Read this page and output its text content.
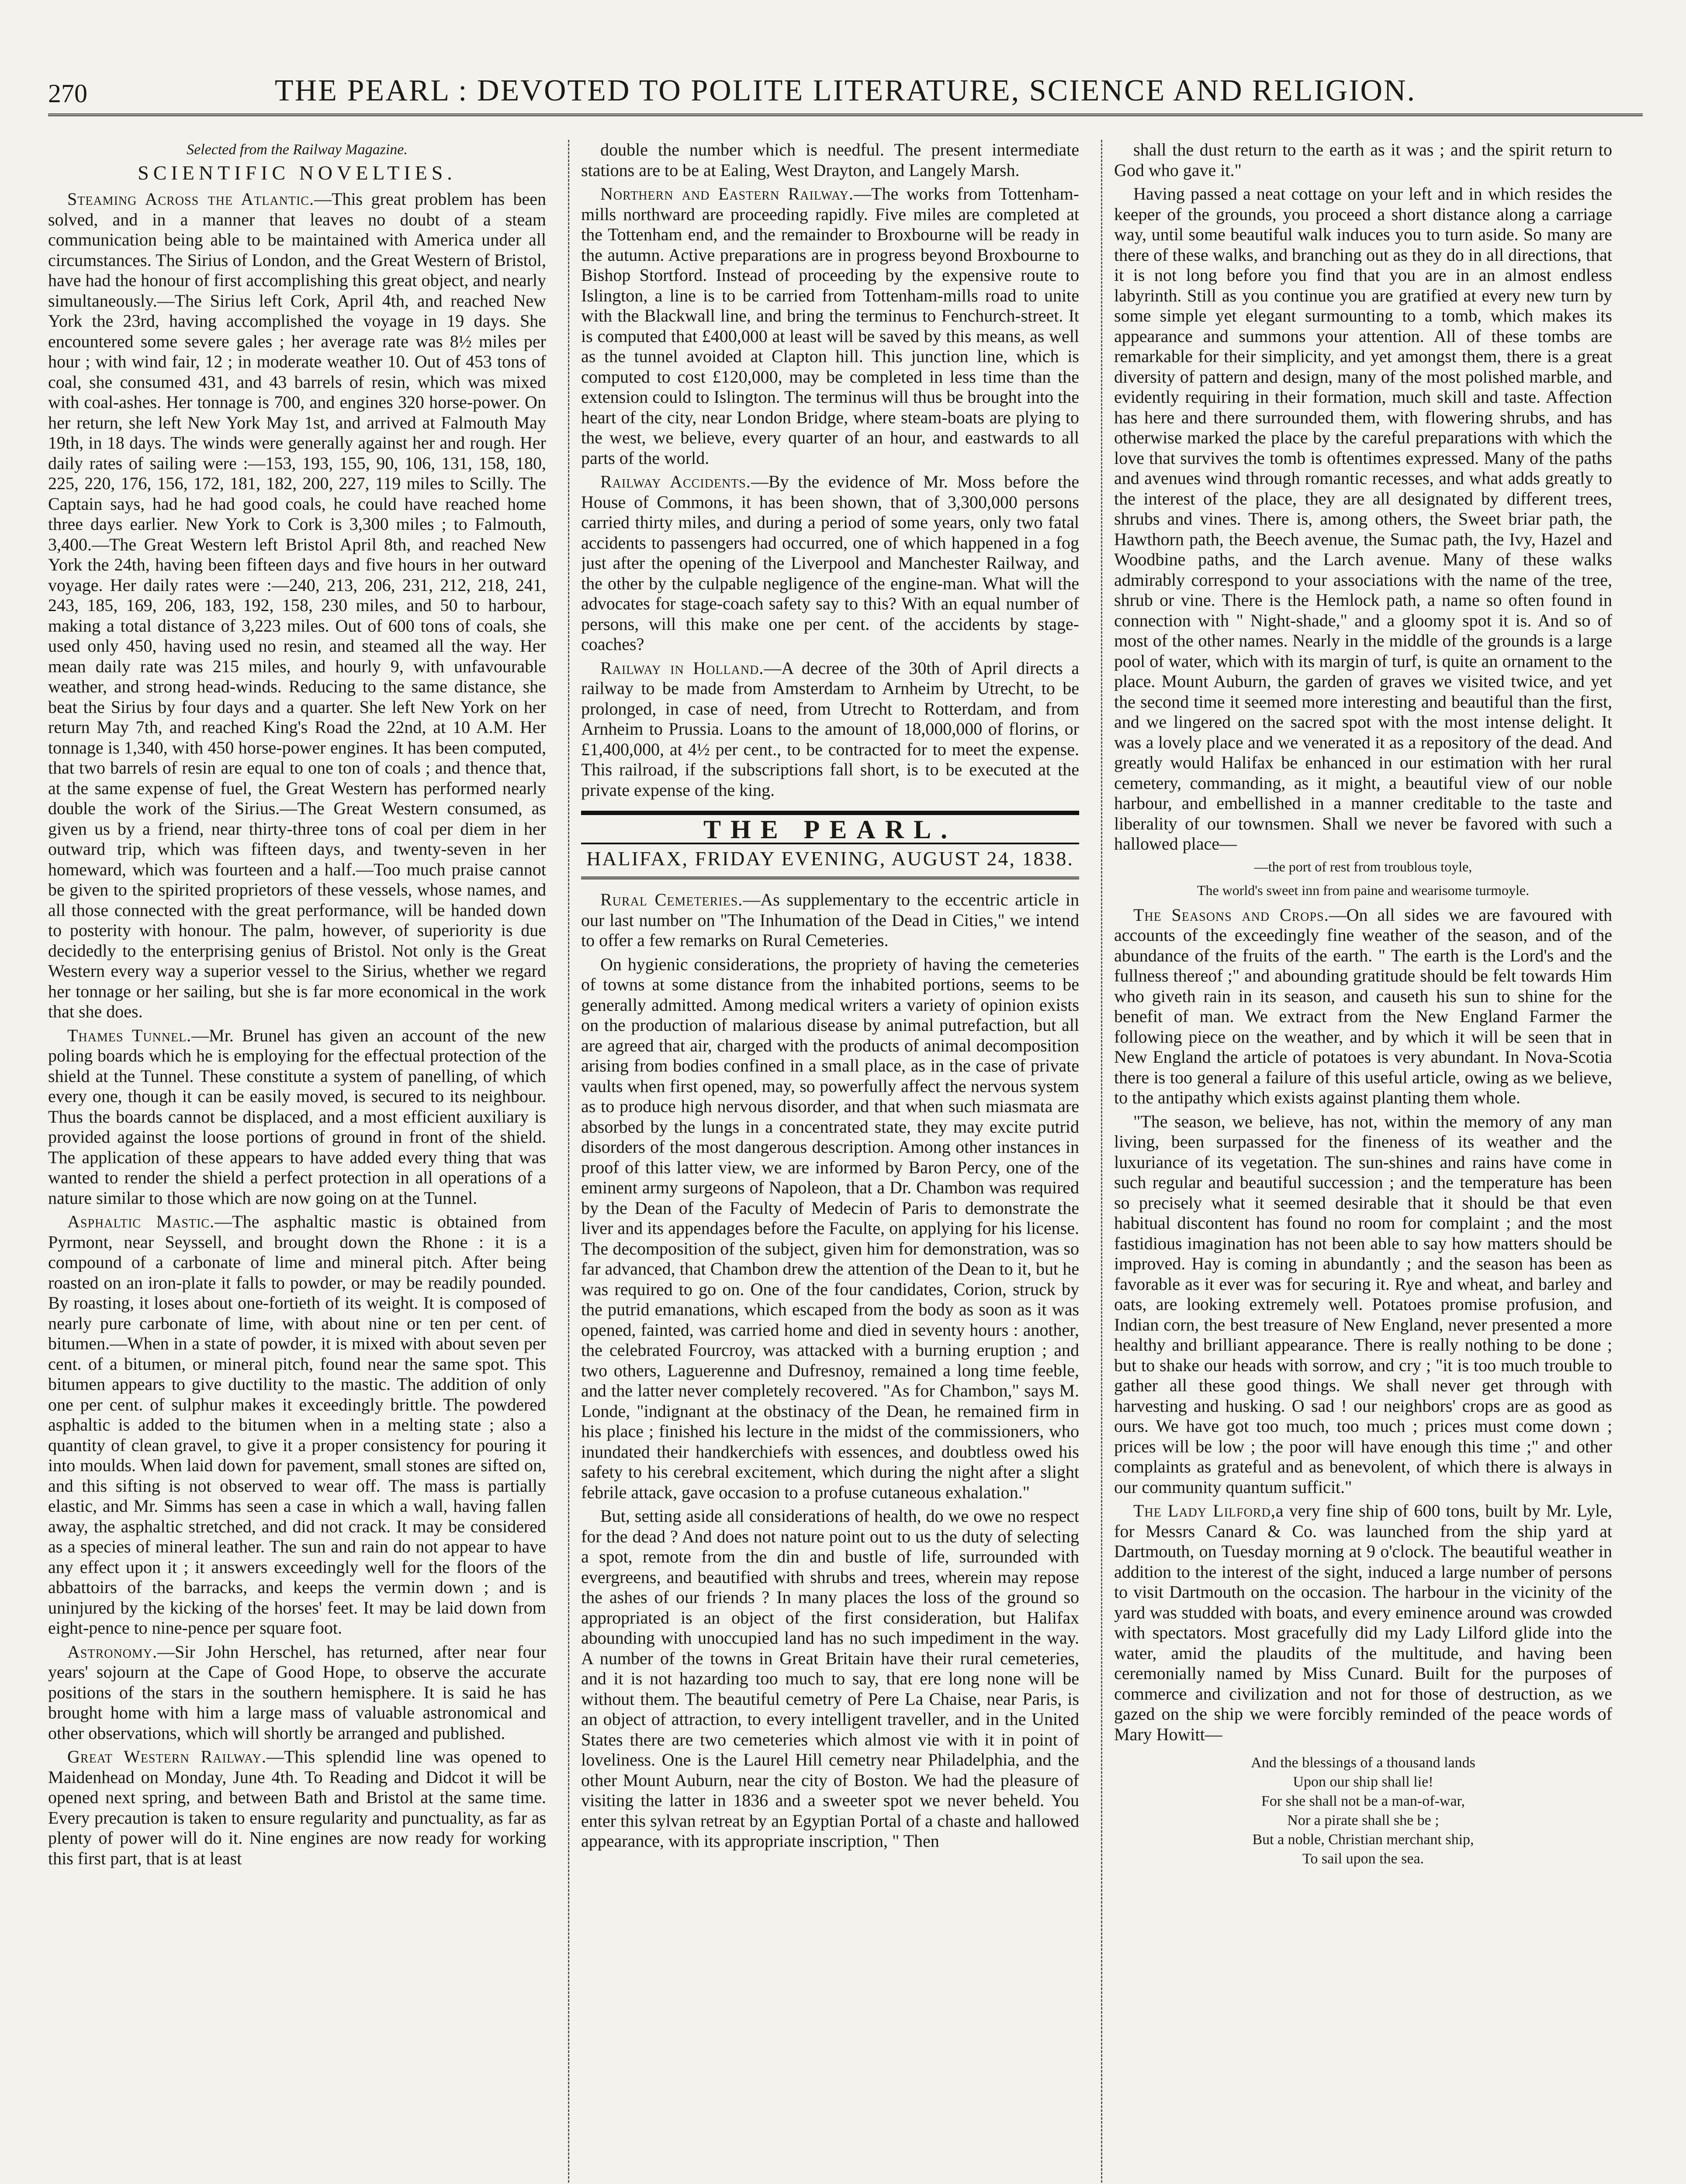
270	THE PEARL : DEVOTED TO POLITE LITERATURE, SCIENCE AND RELIGION.

Selected from the Railway Magazine.

SCIENTIFIC NOVELTIES.

Steaming Across the Atlantic.—This great problem has been solved, and in a manner that leaves no doubt of a steam communication being able to be maintained with America under all circumstances. The Sirius of London, and the Great Western of Bristol, have had the honour of first accomplishing this great object, and nearly simultaneously.—The Sirius left Cork, April 4th, and reached New York the 23rd, having accomplished the voyage in 19 days. She encountered some severe gales ; her average rate was 8½ miles per hour ; with wind fair, 12 ; in moderate weather 10. Out of 453 tons of coal, she consumed 431, and 43 barrels of resin, which was mixed with coal-ashes. Her tonnage is 700, and engines 320 horse-power. On her return, she left New York May 1st, and arrived at Falmouth May 19th, in 18 days. The winds were generally against her and rough. Her daily rates of sailing were :—153, 193, 155, 90, 106, 131, 158, 180, 225, 220, 176, 156, 172, 181, 182, 200, 227, 119 miles to Scilly. The Captain says, had he had good coals, he could have reached home three days earlier. New York to Cork is 3,300 miles ; to Falmouth, 3,400.—The Great Western left Bristol April 8th, and reached New York the 24th, having been fifteen days and five hours in her outward voyage. Her daily rates were :—240, 213, 206, 231, 212, 218, 241, 243, 185, 169, 206, 183, 192, 158, 230 miles, and 50 to harbour, making a total distance of 3,223 miles. Out of 600 tons of coals, she used only 450, having used no resin, and steamed all the way. Her mean daily rate was 215 miles, and hourly 9, with unfavourable weather, and strong head-winds. Reducing to the same distance, she beat the Sirius by four days and a quarter. She left New York on her return May 7th, and reached King's Road the 22nd, at 10 A.M. Her tonnage is 1,340, with 450 horse-power engines. It has been computed, that two barrels of resin are equal to one ton of coals ; and thence that, at the same expense of fuel, the Great Western has performed nearly double the work of the Sirius.—The Great Western consumed, as given us by a friend, near thirty-three tons of coal per diem in her outward trip, which was fifteen days, and twenty-seven in her homeward, which was fourteen and a half.—Too much praise cannot be given to the spirited proprietors of these vessels, whose names, and all those connected with the great performance, will be handed down to posterity with honour. The palm, however, of superiority is due decidedly to the enterprising genius of Bristol. Not only is the Great Western every way a superior vessel to the Sirius, whether we regard her tonnage or her sailing, but she is far more economical in the work that she does.

Thames Tunnel.—Mr. Brunel has given an account of the new poling boards which he is employing for the effectual protection of the shield at the Tunnel. These constitute a system of panelling, of which every one, though it can be easily moved, is secured to its neighbour. Thus the boards cannot be displaced, and a most efficient auxiliary is provided against the loose portions of ground in front of the shield. The application of these appears to have added every thing that was wanted to render the shield a perfect protection in all operations of a nature similar to those which are now going on at the Tunnel.

Asphaltic Mastic.—The asphaltic mastic is obtained from Pyrmont, near Seyssell, and brought down the Rhone : it is a compound of a carbonate of lime and mineral pitch. After being roasted on an iron-plate it falls to powder, or may be readily pounded. By roasting, it loses about one-fortieth of its weight. It is composed of nearly pure carbonate of lime, with about nine or ten per cent. of bitumen.—When in a state of powder, it is mixed with about seven per cent. of a bitumen, or mineral pitch, found near the same spot. This bitumen appears to give ductility to the mastic. The addition of only one per cent. of sulphur makes it exceedingly brittle. The powdered asphaltic is added to the bitumen when in a melting state ; also a quantity of clean gravel, to give it a proper consistency for pouring it into moulds. When laid down for pavement, small stones are sifted on, and this sifting is not observed to wear off. The mass is partially elastic, and Mr. Simms has seen a case in which a wall, having fallen away, the asphaltic stretched, and did not crack. It may be considered as a species of mineral leather. The sun and rain do not appear to have any effect upon it ; it answers exceedingly well for the floors of the abbattoirs of the barracks, and keeps the vermin down ; and is uninjured by the kicking of the horses' feet. It may be laid down from eight-pence to nine-pence per square foot.

Astronomy.—Sir John Herschel, has returned, after near four years' sojourn at the Cape of Good Hope, to observe the accurate positions of the stars in the southern hemisphere. It is said he has brought home with him a large mass of valuable astronomical and other observations, which will shortly be arranged and published.

Great Western Railway.—This splendid line was opened to Maidenhead on Monday, June 4th. To Reading and Didcot it will be opened next spring, and between Bath and Bristol at the same time. Every precaution is taken to ensure regularity and punctuality, as far as plenty of power will do it. Nine engines are now ready for working this first part, that is at least

double the number which is needful. The present intermediate stations are to be at Ealing, West Drayton, and Langely Marsh.

Northern and Eastern Railway.—The works from Tottenham-mills northward are proceeding rapidly. Five miles are completed at the Tottenham end, and the remainder to Broxbourne will be ready in the autumn. Active preparations are in progress beyond Broxbourne to Bishop Stortford. Instead of proceeding by the expensive route to Islington, a line is to be carried from Tottenham-mills road to unite with the Blackwall line, and bring the terminus to Fenchurch-street. It is computed that £400,000 at least will be saved by this means, as well as the tunnel avoided at Clapton hill. This junction line, which is computed to cost £120,000, may be completed in less time than the extension could to Islington. The terminus will thus be brought into the heart of the city, near London Bridge, where steam-boats are plying to the west, we believe, every quarter of an hour, and eastwards to all parts of the world.

Railway Accidents.—By the evidence of Mr. Moss before the House of Commons, it has been shown, that of 3,300,000 persons carried thirty miles, and during a period of some years, only two fatal accidents to passengers had occurred, one of which happened in a fog just after the opening of the Liverpool and Manchester Railway, and the other by the culpable negligence of the engine-man. What will the advocates for stage-coach safety say to this? With an equal number of persons, will this make one per cent. of the accidents by stage-coaches?

Railway in Holland.—A decree of the 30th of April directs a railway to be made from Amsterdam to Arnheim by Utrecht, to be prolonged, in case of need, from Utrecht to Rotterdam, and from Arnheim to Prussia. Loans to the amount of 18,000,000 of florins, or £1,400,000, at 4½ per cent., to be contracted for to meet the expense. This railroad, if the subscriptions fall short, is to be executed at the private expense of the king.

THE PEARL.
HALIFAX, FRIDAY EVENING, AUGUST 24, 1838.

Rural Cemeteries.—As supplementary to the eccentric article in our last number on "The Inhumation of the Dead in Cities," we intend to offer a few remarks on Rural Cemeteries.

On hygienic considerations, the propriety of having the cemeteries of towns at some distance from the inhabited portions, seems to be generally admitted. Among medical writers a variety of opinion exists on the production of malarious disease by animal putrefaction, but all are agreed that air, charged with the products of animal decomposition arising from bodies confined in a small place, as in the case of private vaults when first opened, may, so powerfully affect the nervous system as to produce high nervous disorder, and that when such miasmata are absorbed by the lungs in a concentrated state, they may excite putrid disorders of the most dangerous description. Among other instances in proof of this latter view, we are informed by Baron Percy, one of the eminent army surgeons of Napoleon, that a Dr. Chambon was required by the Dean of the Faculty of Medecin of Paris to demonstrate the liver and its appendages before the Faculte, on applying for his license. The decomposition of the subject, given him for demonstration, was so far advanced, that Chambon drew the attention of the Dean to it, but he was required to go on. One of the four candidates, Corion, struck by the putrid emanations, which escaped from the body as soon as it was opened, fainted, was carried home and died in seventy hours : another, the celebrated Fourcroy, was attacked with a burning eruption ; and two others, Laguerenne and Dufresnoy, remained a long time feeble, and the latter never completely recovered. "As for Chambon," says M. Londe, "indignant at the obstinacy of the Dean, he remained firm in his place ; finished his lecture in the midst of the commissioners, who inundated their handkerchiefs with essences, and doubtless owed his safety to his cerebral excitement, which during the night after a slight febrile attack, gave occasion to a profuse cutaneous exhalation."

But, setting aside all considerations of health, do we owe no respect for the dead ? And does not nature point out to us the duty of selecting a spot, remote from the din and bustle of life, surrounded with evergreens, and beautified with shrubs and trees, wherein may repose the ashes of our friends ? In many places the loss of the ground so appropriated is an object of the first consideration, but Halifax abounding with unoccupied land has no such impediment in the way. A number of the towns in Great Britain have their rural cemeteries, and it is not hazarding too much to say, that ere long none will be without them. The beautiful cemetry of Pere La Chaise, near Paris, is an object of attraction, to every intelligent traveller, and in the United States there are two cemeteries which almost vie with it in point of loveliness. One is the Laurel Hill cemetry near Philadelphia, and the other Mount Auburn, near the city of Boston. We had the pleasure of visiting the latter in 1836 and a sweeter spot we never beheld. You enter this sylvan retreat by an Egyptian Portal of a chaste and hallowed appearance, with its appropriate inscription, " Then

shall the dust return to the earth as it was ; and the spirit return to God who gave it."

Having passed a neat cottage on your left and in which resides the keeper of the grounds, you proceed a short distance along a carriage way, until some beautiful walk induces you to turn aside. So many are there of these walks, and branching out as they do in all directions, that it is not long before you find that you are in an almost endless labyrinth. Still as you continue you are gratified at every new turn by some simple yet elegant surmounting to a tomb, which makes its appearance and summons your attention. All of these tombs are remarkable for their simplicity, and yet amongst them, there is a great diversity of pattern and design, many of the most polished marble, and evidently requiring in their formation, much skill and taste. Affection has here and there surrounded them, with flowering shrubs, and has otherwise marked the place by the careful preparations with which the love that survives the tomb is oftentimes expressed. Many of the paths and avenues wind through romantic recesses, and what adds greatly to the interest of the place, they are all designated by different trees, shrubs and vines. There is, among others, the Sweet briar path, the Hawthorn path, the Beech avenue, the Sumac path, the Ivy, Hazel and Woodbine paths, and the Larch avenue. Many of these walks admirably correspond to your associations with the name of the tree, shrub or vine. There is the Hemlock path, a name so often found in connection with " Night-shade," and a gloomy spot it is. And so of most of the other names. Nearly in the middle of the grounds is a large pool of water, which with its margin of turf, is quite an ornament to the place. Mount Auburn, the garden of graves we visited twice, and yet the second time it seemed more interesting and beautiful than the first, and we lingered on the sacred spot with the most intense delight. It was a lovely place and we venerated it as a repository of the dead. And greatly would Halifax be enhanced in our estimation with her rural cemetery, commanding, as it might, a beautiful view of our noble harbour, and embellished in a manner creditable to the taste and liberality of our townsmen. Shall we never be favored with such a hallowed place—

—the port of rest from troublous toyle,

The world's sweet inn from paine and wearisome turmoyle.

The Seasons and Crops.—On all sides we are favoured with accounts of the exceedingly fine weather of the season, and of the abundance of the fruits of the earth. " The earth is the Lord's and the fullness thereof ;" and abounding gratitude should be felt towards Him who giveth rain in its season, and causeth his sun to shine for the benefit of man. We extract from the New England Farmer the following piece on the weather, and by which it will be seen that in New England the article of potatoes is very abundant. In Nova-Scotia there is too general a failure of this useful article, owing as we believe, to the antipathy which exists against planting them whole.

"The season, we believe, has not, within the memory of any man living, been surpassed for the fineness of its weather and the luxuriance of its vegetation. The sun-shines and rains have come in such regular and beautiful succession ; and the temperature has been so precisely what it seemed desirable that it should be that even habitual discontent has found no room for complaint ; and the most fastidious imagination has not been able to say how matters should be improved. Hay is coming in abundantly ; and the season has been as favorable as it ever was for securing it. Rye and wheat, and barley and oats, are looking extremely well. Potatoes promise profusion, and Indian corn, the best treasure of New England, never presented a more healthy and brilliant appearance. There is really nothing to be done ; but to shake our heads with sorrow, and cry ; "it is too much trouble to gather all these good things. We shall never get through with harvesting and husking. O sad ! our neighbors' crops are as good as ours. We have got too much, too much ; prices must come down ; prices will be low ; the poor will have enough this time ;" and other complaints as grateful and as benevolent, of which there is always in our community quantum sufficit."

The Lady Lilford,a very fine ship of 600 tons, built by Mr. Lyle, for Messrs Canard & Co. was launched from the ship yard at Dartmouth, on Tuesday morning at 9 o'clock. The beautiful weather in addition to the interest of the sight, induced a large number of persons to visit Dartmouth on the occasion. The harbour in the vicinity of the yard was studded with boats, and every eminence around was crowded with spectators. Most gracefully did my Lady Lilford glide into the water, amid the plaudits of the multitude, and having been ceremonially named by Miss Cunard. Built for the purposes of commerce and civilization and not for those of destruction, as we gazed on the ship we were forcibly reminded of the peace words of Mary Howitt—

And the blessings of a thousand lands
Upon our ship shall lie!
For she shall not be a man-of-war,
Nor a pirate shall she be ;
But a noble, Christian merchant ship,
To sail upon the sea.
